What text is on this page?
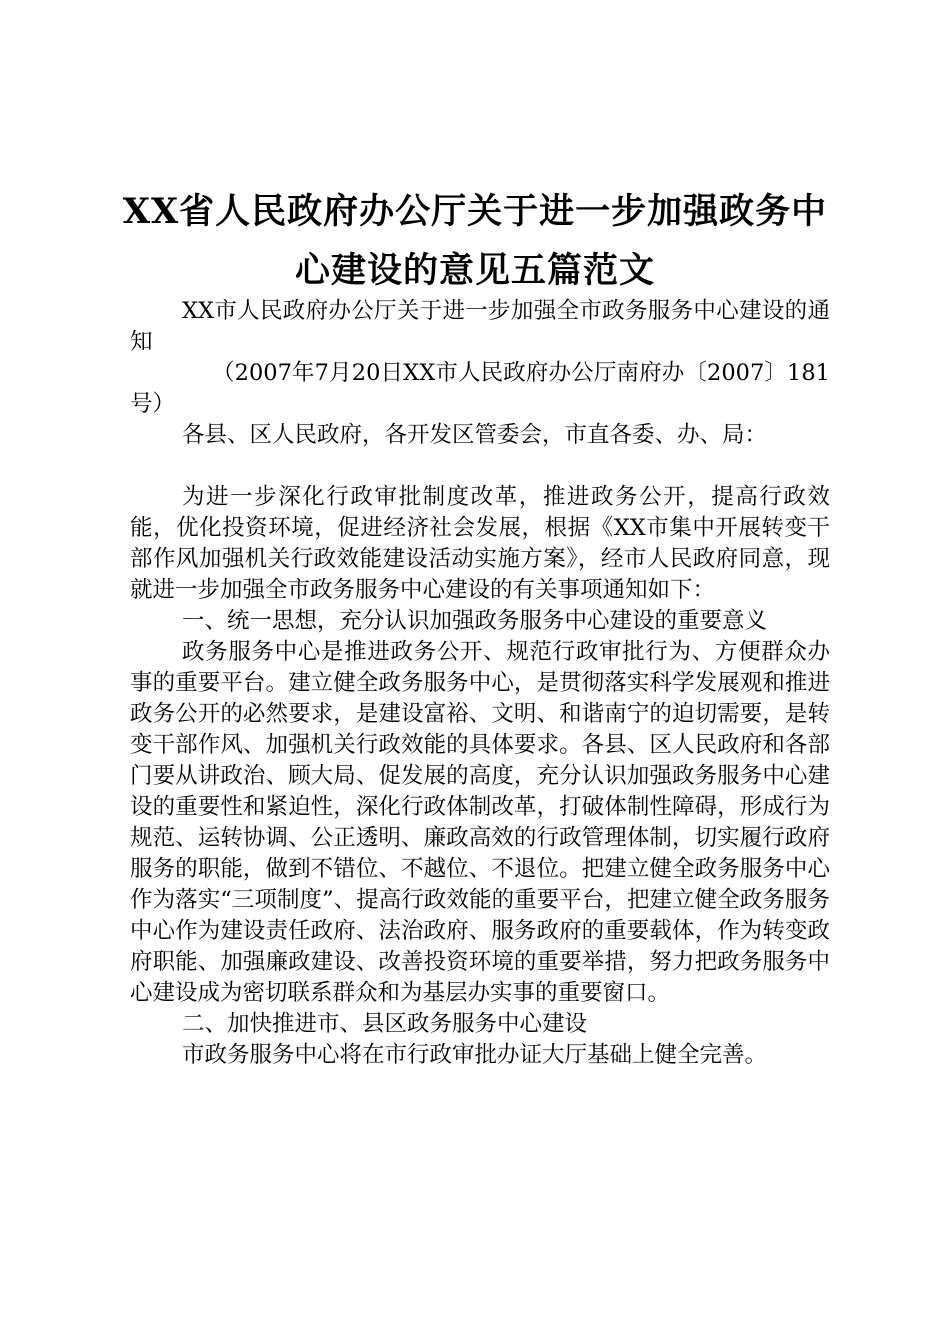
XX省人民政府办公厅关于进一步加强政务中
心建设的意见五篇范文

XX市人民政府办公厅关于进一步加强全市政务服务中心建设的通知

（2007年7月20日XX市人民政府办公厅南府办〔2007〕181号）

各县、区人民政府，各开发区管委会，市直各委、办、局：

为进一步深化行政审批制度改革，推进政务公开，提高行政效能，优化投资环境，促进经济社会发展，根据《XX市集中开展转变干部作风加强机关行政效能建设活动实施方案》，经市人民政府同意，现就进一步加强全市政务服务中心建设的有关事项通知如下：

一、统一思想，充分认识加强政务服务中心建设的重要意义

政务服务中心是推进政务公开、规范行政审批行为、方便群众办事的重要平台。建立健全政务服务中心，是贯彻落实科学发展观和推进政务公开的必然要求，是建设富裕、文明、和谐南宁的迫切需要，是转变干部作风、加强机关行政效能的具体要求。各县、区人民政府和各部门要从讲政治、顾大局、促发展的高度，充分认识加强政务服务中心建设的重要性和紧迫性，深化行政体制改革，打破体制性障碍，形成行为规范、运转协调、公正透明、廉政高效的行政管理体制，切实履行政府服务的职能，做到不错位、不越位、不退位。把建立健全政务服务中心作为落实“三项制度”、提高行政效能的重要平台，把建立健全政务服务中心作为建设责任政府、法治政府、服务政府的重要载体，作为转变政府职能、加强廉政建设、改善投资环境的重要举措，努力把政务服务中心建设成为密切联系群众和为基层办实事的重要窗口。

二、加快推进市、县区政务服务中心建设

市政务服务中心将在市行政审批办证大厅基础上健全完善。
